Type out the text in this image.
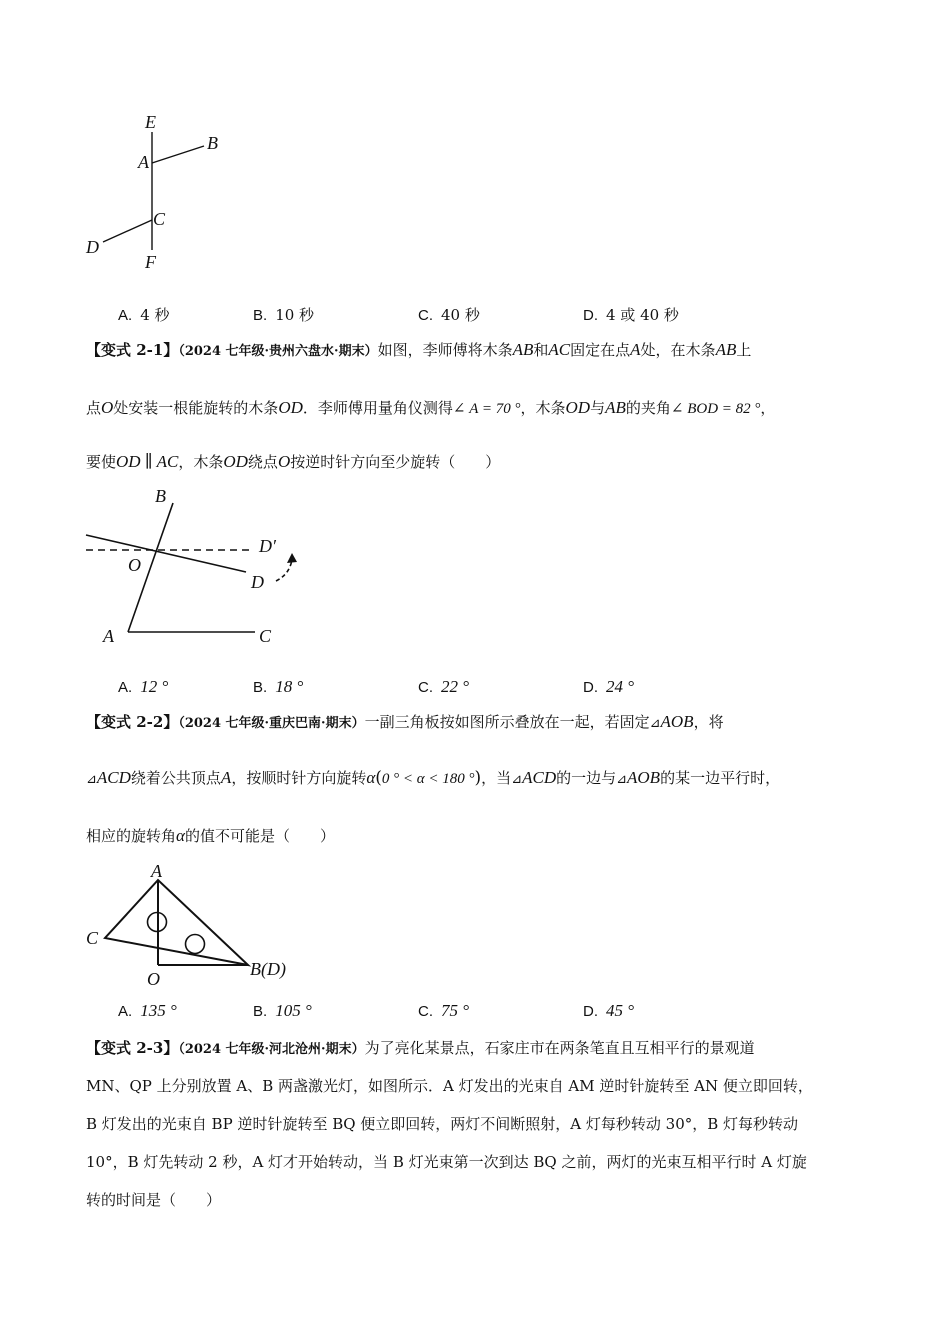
E
B
A
C
D
F
A. 4 秒	B. 10 秒	C. 40 秒	D. 4 或 40 秒
【变式 2-1】（2024 七年级·贵州六盘水·期末）如图，李师傅将木条AB和AC固定在点A处，在木条AB上
点O处安装一根能旋转的木条OD．李师傅用量角仪测得∠ A = 70 °，木条OD与AB的夹角∠ BOD = 82 °，
要使OD ∥ AC，木条OD绕点O按逆时针方向至少旋转（　　）
B
D′
O
D
A	C
A. 12 °	B. 18 °	C. 22 °	D. 24 °
【变式 2-2】（2024 七年级·重庆巴南·期末）一副三角板按如图所示叠放在一起，若固定⊿AOB，将
⊿ACD绕着公共顶点A，按顺时针方向旋转α(0 ° < α < 180 °)，当⊿ACD的一边与⊿AOB的某一边平行时，
相应的旋转角α的值不可能是（　　）
A
C
O	B(D)
A. 135 °	B. 105 °	C. 75 °	D. 45 °
【变式 2-3】（2024 七年级·河北沧州·期末）为了亮化某景点，石家庄市在两条笔直且互相平行的景观道
MN、QP 上分别放置 A、B 两盏激光灯，如图所示．A 灯发出的光束自 AM 逆时针旋转至 AN 便立即回转，
B 灯发出的光束自 BP 逆时针旋转至 BQ 便立即回转，两灯不间断照射，A 灯每秒转动 30°，B 灯每秒转动
10°，B 灯先转动 2 秒，A 灯才开始转动，当 B 灯光束第一次到达 BQ 之前，两灯的光束互相平行时 A 灯旋
转的时间是（　　）
